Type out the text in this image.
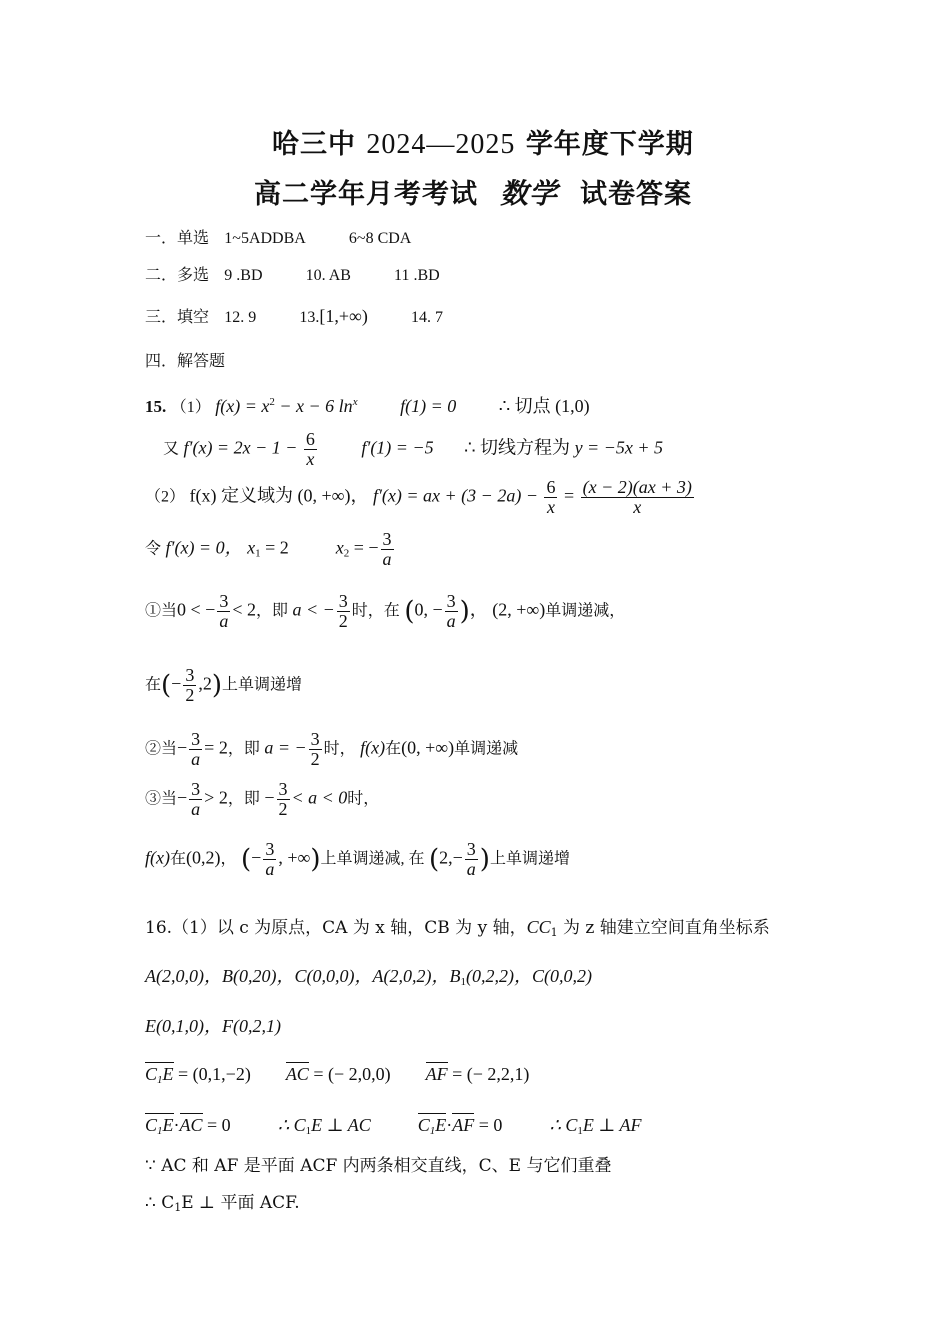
哈三中 2024—2025 学年度下学期
高二学年月考考试 数学 试卷答案
一．单选 1~5ADDBA	6~8 CDA
二．多选 9 .BD	10. AB	11 .BD
三．填空 12. 9	13.[1,+∞)	14. 7
四．解答题
15. （1） $f(x) = x^2 - x - 6$ $\ln^x f(1) = 0$ ∴ 切点 (1,0)
又 $f'(x) = 2x - 1 - \frac{6}{x} f'(1) = -5$ ∴ 切线方程为 y = −5x + 5
（2） f(x) 定义域为 (0, +∞)， f′(x) = ax + $(3 - 2a) - \frac{6}{x} = \frac{(x - 2)(ax + 3)}{x}$
令 f′(x) = 0， $x_1 = 2$	$x_2$ = − $\frac{3}{a}$
①当0 < − $\frac{3}{a} < 2$，即 a < − $\frac{3}{2}$ 时，在 (0, − $\frac{3}{a}$ )， (2, +∞)单调递减，
在(− $\frac{3}{2} ,2$)上单调递增
②当− $\frac{3}{a} = 2$，即 a = − $\frac{3}{2}$ 时， f(x)在(0, +∞)单调递减
③当− $\frac{3}{a} > 2$，即 − $\frac{3}{2} < a < 0$时，
f(x)在(0,2)， (− $\frac{3}{a}$ , +∞)上单调递减, 在 ($2,- \frac{3}{a}$ )上单调递增
16.（1）以 c 为原点，CA 为 x 轴，CB 为 y 轴，$CC_1$ 为 z 轴建立空间直角坐标系
A(2,0,0)，B(0,20)，C(0,0,0)，A(2,0,2)，$B_1(0,2,2)$，C(0,0,2)
E(0,1,0)，F(0,2,1)
$C_1E = (0,1,-2)$ AC = (− 2,0,0) AF = (− 2,2,1)
$C_1E\cdot AC = 0$	∴ $C_1E$ ⊥ AC	$C_1E\cdot AF = 0$	∴ $C_1E$ ⊥ AF
∵ AC 和 AF 是平面 ACF 内两条相交直线，C、E 与它们重叠
∴ $C_1E$ ⊥ 平面 ACF.
